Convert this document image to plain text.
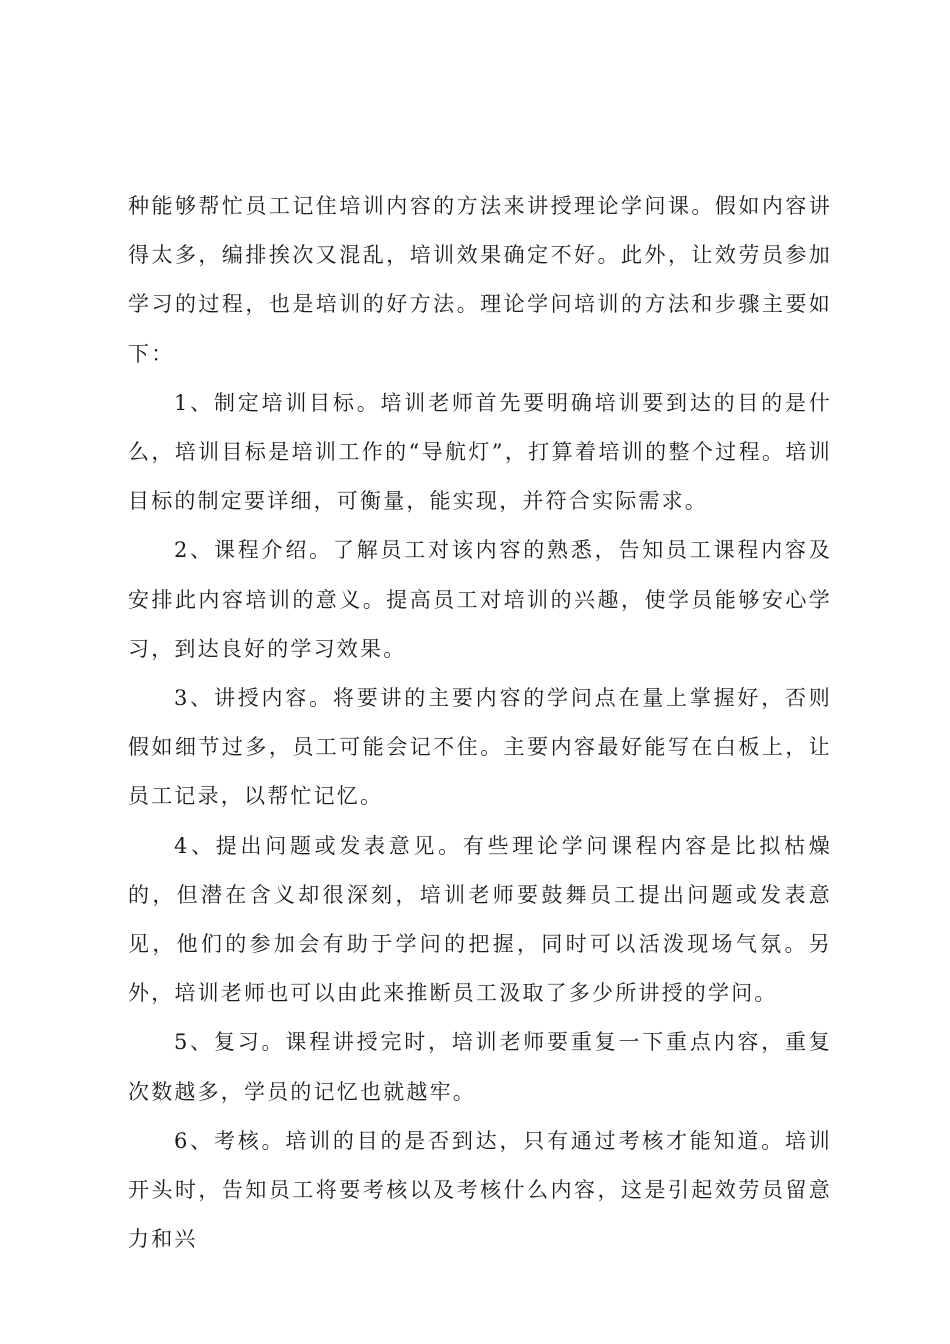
种能够帮忙员工记住培训内容的方法来讲授理论学问课。假如内容讲得太多，编排挨次又混乱，培训效果确定不好。此外，让效劳员参加学习的过程，也是培训的好方法。理论学问培训的方法和步骤主要如下：

1、制定培训目标。培训老师首先要明确培训要到达的目的是什么，培训目标是培训工作的“导航灯”，打算着培训的整个过程。培训目标的制定要详细，可衡量，能实现，并符合实际需求。

2、课程介绍。了解员工对该内容的熟悉，告知员工课程内容及安排此内容培训的意义。提高员工对培训的兴趣，使学员能够安心学习，到达良好的学习效果。

3、讲授内容。将要讲的主要内容的学问点在量上掌握好，否则假如细节过多，员工可能会记不住。主要内容最好能写在白板上，让员工记录，以帮忙记忆。

4、提出问题或发表意见。有些理论学问课程内容是比拟枯燥的，但潜在含义却很深刻，培训老师要鼓舞员工提出问题或发表意见，他们的参加会有助于学问的把握，同时可以活泼现场气氛。另外，培训老师也可以由此来推断员工汲取了多少所讲授的学问。

5、复习。课程讲授完时，培训老师要重复一下重点内容，重复次数越多，学员的记忆也就越牢。

6、考核。培训的目的是否到达，只有通过考核才能知道。培训开头时，告知员工将要考核以及考核什么内容，这是引起效劳员留意力和兴
